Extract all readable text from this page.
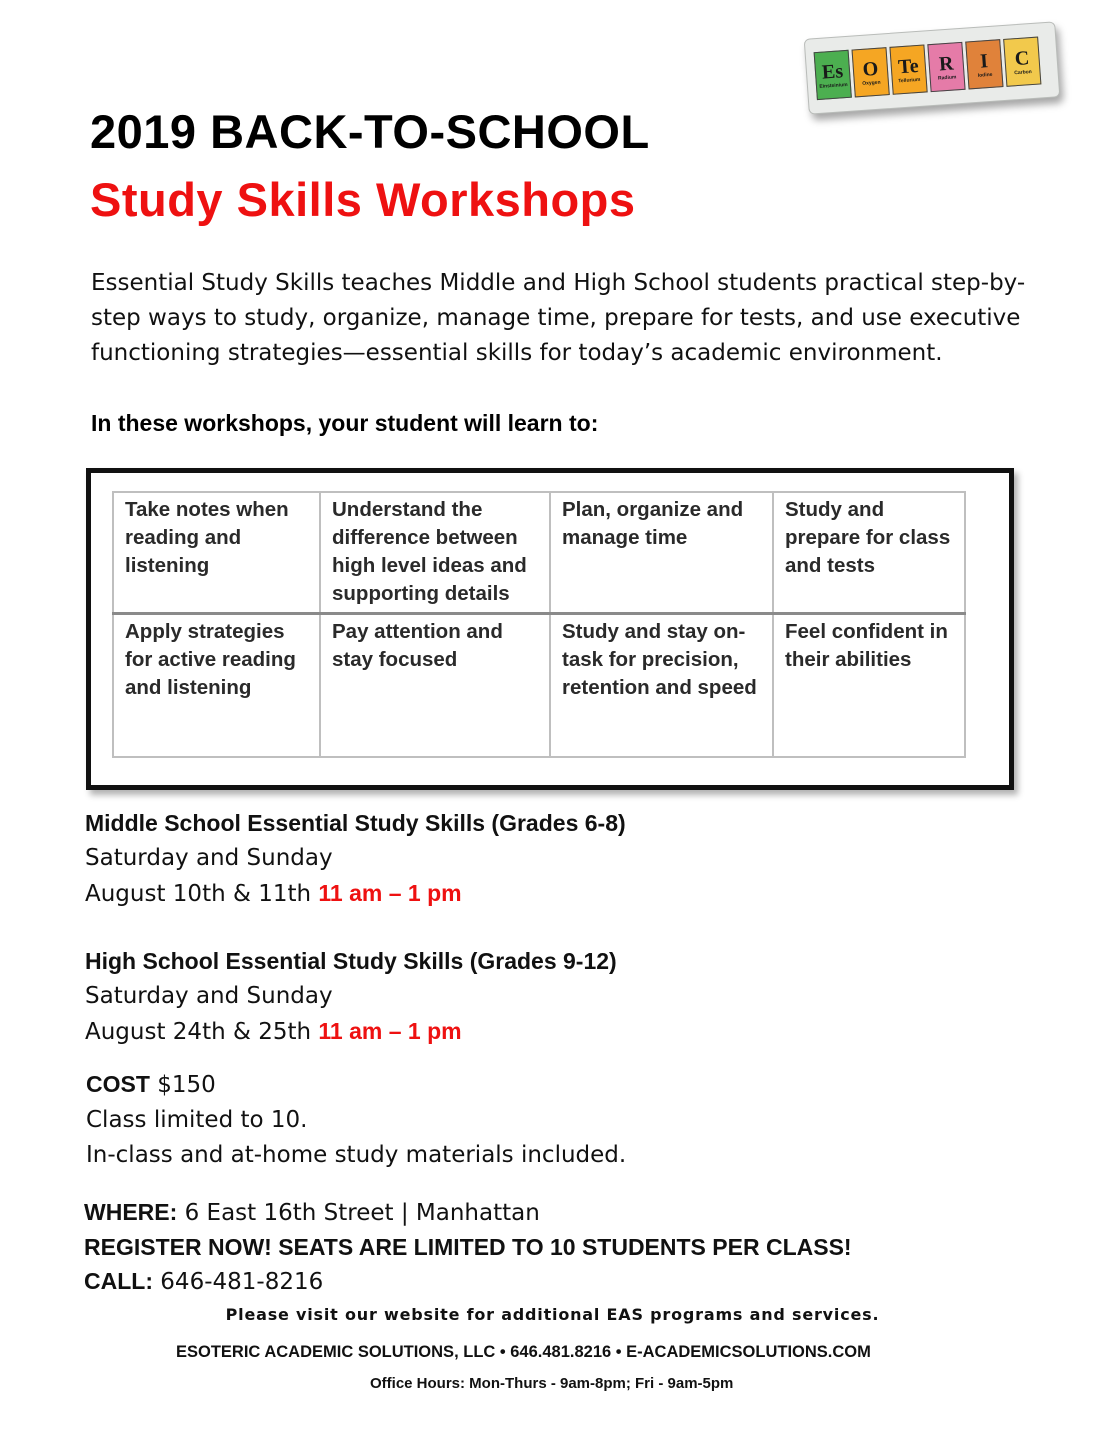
Es
Einsteinium
O
Oxygen
Te
Tellurium
R
Radium
I
Iodine
C
Carbon
2019 BACK-TO-SCHOOL
Study Skills Workshops

Essential Study Skills teaches Middle and High School students practical step-by-step ways to study, organize, manage time, prepare for tests, and use executive functioning strategies—essential skills for today’s academic environment.

In these workshops, your student will learn to:

Take notes when reading and listening	Understand the difference between high level ideas and supporting details	Plan, organize and manage time	Study and prepare for class and tests
Apply strategies for active reading and listening	Pay attention and stay focused	Study and stay on-task for precision, retention and speed	Feel confident in their abilities
Middle School Essential Study Skills (Grades 6-8)
Saturday and Sunday
August 10th & 11th 11 am – 1 pm
High School Essential Study Skills (Grades 9-12)
Saturday and Sunday
August 24th & 25th 11 am – 1 pm
COST $150
Class limited to 10.
In-class and at-home study materials included.
WHERE: 6 East 16th Street | Manhattan
REGISTER NOW! SEATS ARE LIMITED TO 10 STUDENTS PER CLASS!
CALL: 646-481-8216

Please visit our website for additional EAS programs and services.

ESOTERIC ACADEMIC SOLUTIONS, LLC • 646.481.8216 • E-ACADEMICSOLUTIONS.COM

Office Hours: Mon-Thurs - 9am-8pm; Fri - 9am-5pm
